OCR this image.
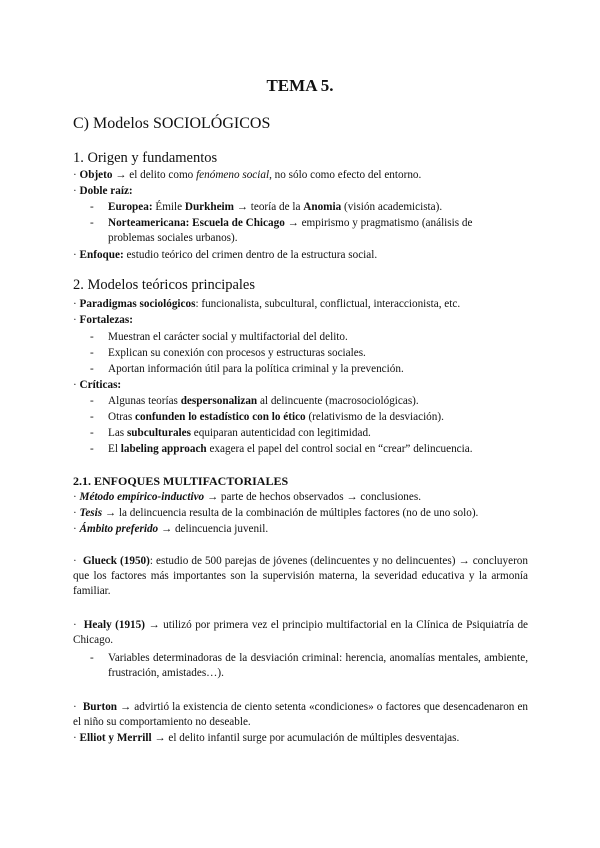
TEMA 5.
C) Modelos SOCIOLÓGICOS
1. Origen y fundamentos
· Objeto → el delito como fenómeno social, no sólo como efecto del entorno.
· Doble raíz:
- Europea: Émile Durkheim → teoría de la Anomia (visión academicista).
- Norteamericana: Escuela de Chicago → empirismo y pragmatismo (análisis de
problemas sociales urbanos).
· Enfoque: estudio teórico del crimen dentro de la estructura social.
2. Modelos teóricos principales
· Paradigmas sociológicos: funcionalista, subcultural, conflictual, interaccionista, etc.
· Fortalezas:
- Muestran el carácter social y multifactorial del delito.
- Explican su conexión con procesos y estructuras sociales.
- Aportan información útil para la política criminal y la prevención.
· Críticas:
- Algunas teorías despersonalizan al delincuente (macrosociológicas).
- Otras confunden lo estadístico con lo ético (relativismo de la desviación).
- Las subculturales equiparan autenticidad con legitimidad.
- El labeling approach exagera el papel del control social en “crear” delincuencia.
2.1. ENFOQUES MULTIFACTORIALES
· Método empírico-inductivo → parte de hechos observados → conclusiones.
· Tesis → la delincuencia resulta de la combinación de múltiples factores (no de uno solo).
· Ámbito preferido → delincuencia juvenil.
· Glueck (1950): estudio de 500 parejas de jóvenes (delincuentes y no delincuentes) → concluyeron que los factores más importantes son la supervisión materna, la severidad educativa y la armonía familiar.
· Healy (1915) → utilizó por primera vez el principio multifactorial en la Clínica de Psiquiatría de Chicago.
- Variables determinadoras de la desviación criminal: herencia, anomalías mentales, ambiente, frustración, amistades…).
· Burton → advirtió la existencia de ciento setenta «condiciones» o factores que desencadenaron en el niño su comportamiento no deseable.
· Elliot y Merrill → el delito infantil surge por acumulación de múltiples desventajas.
